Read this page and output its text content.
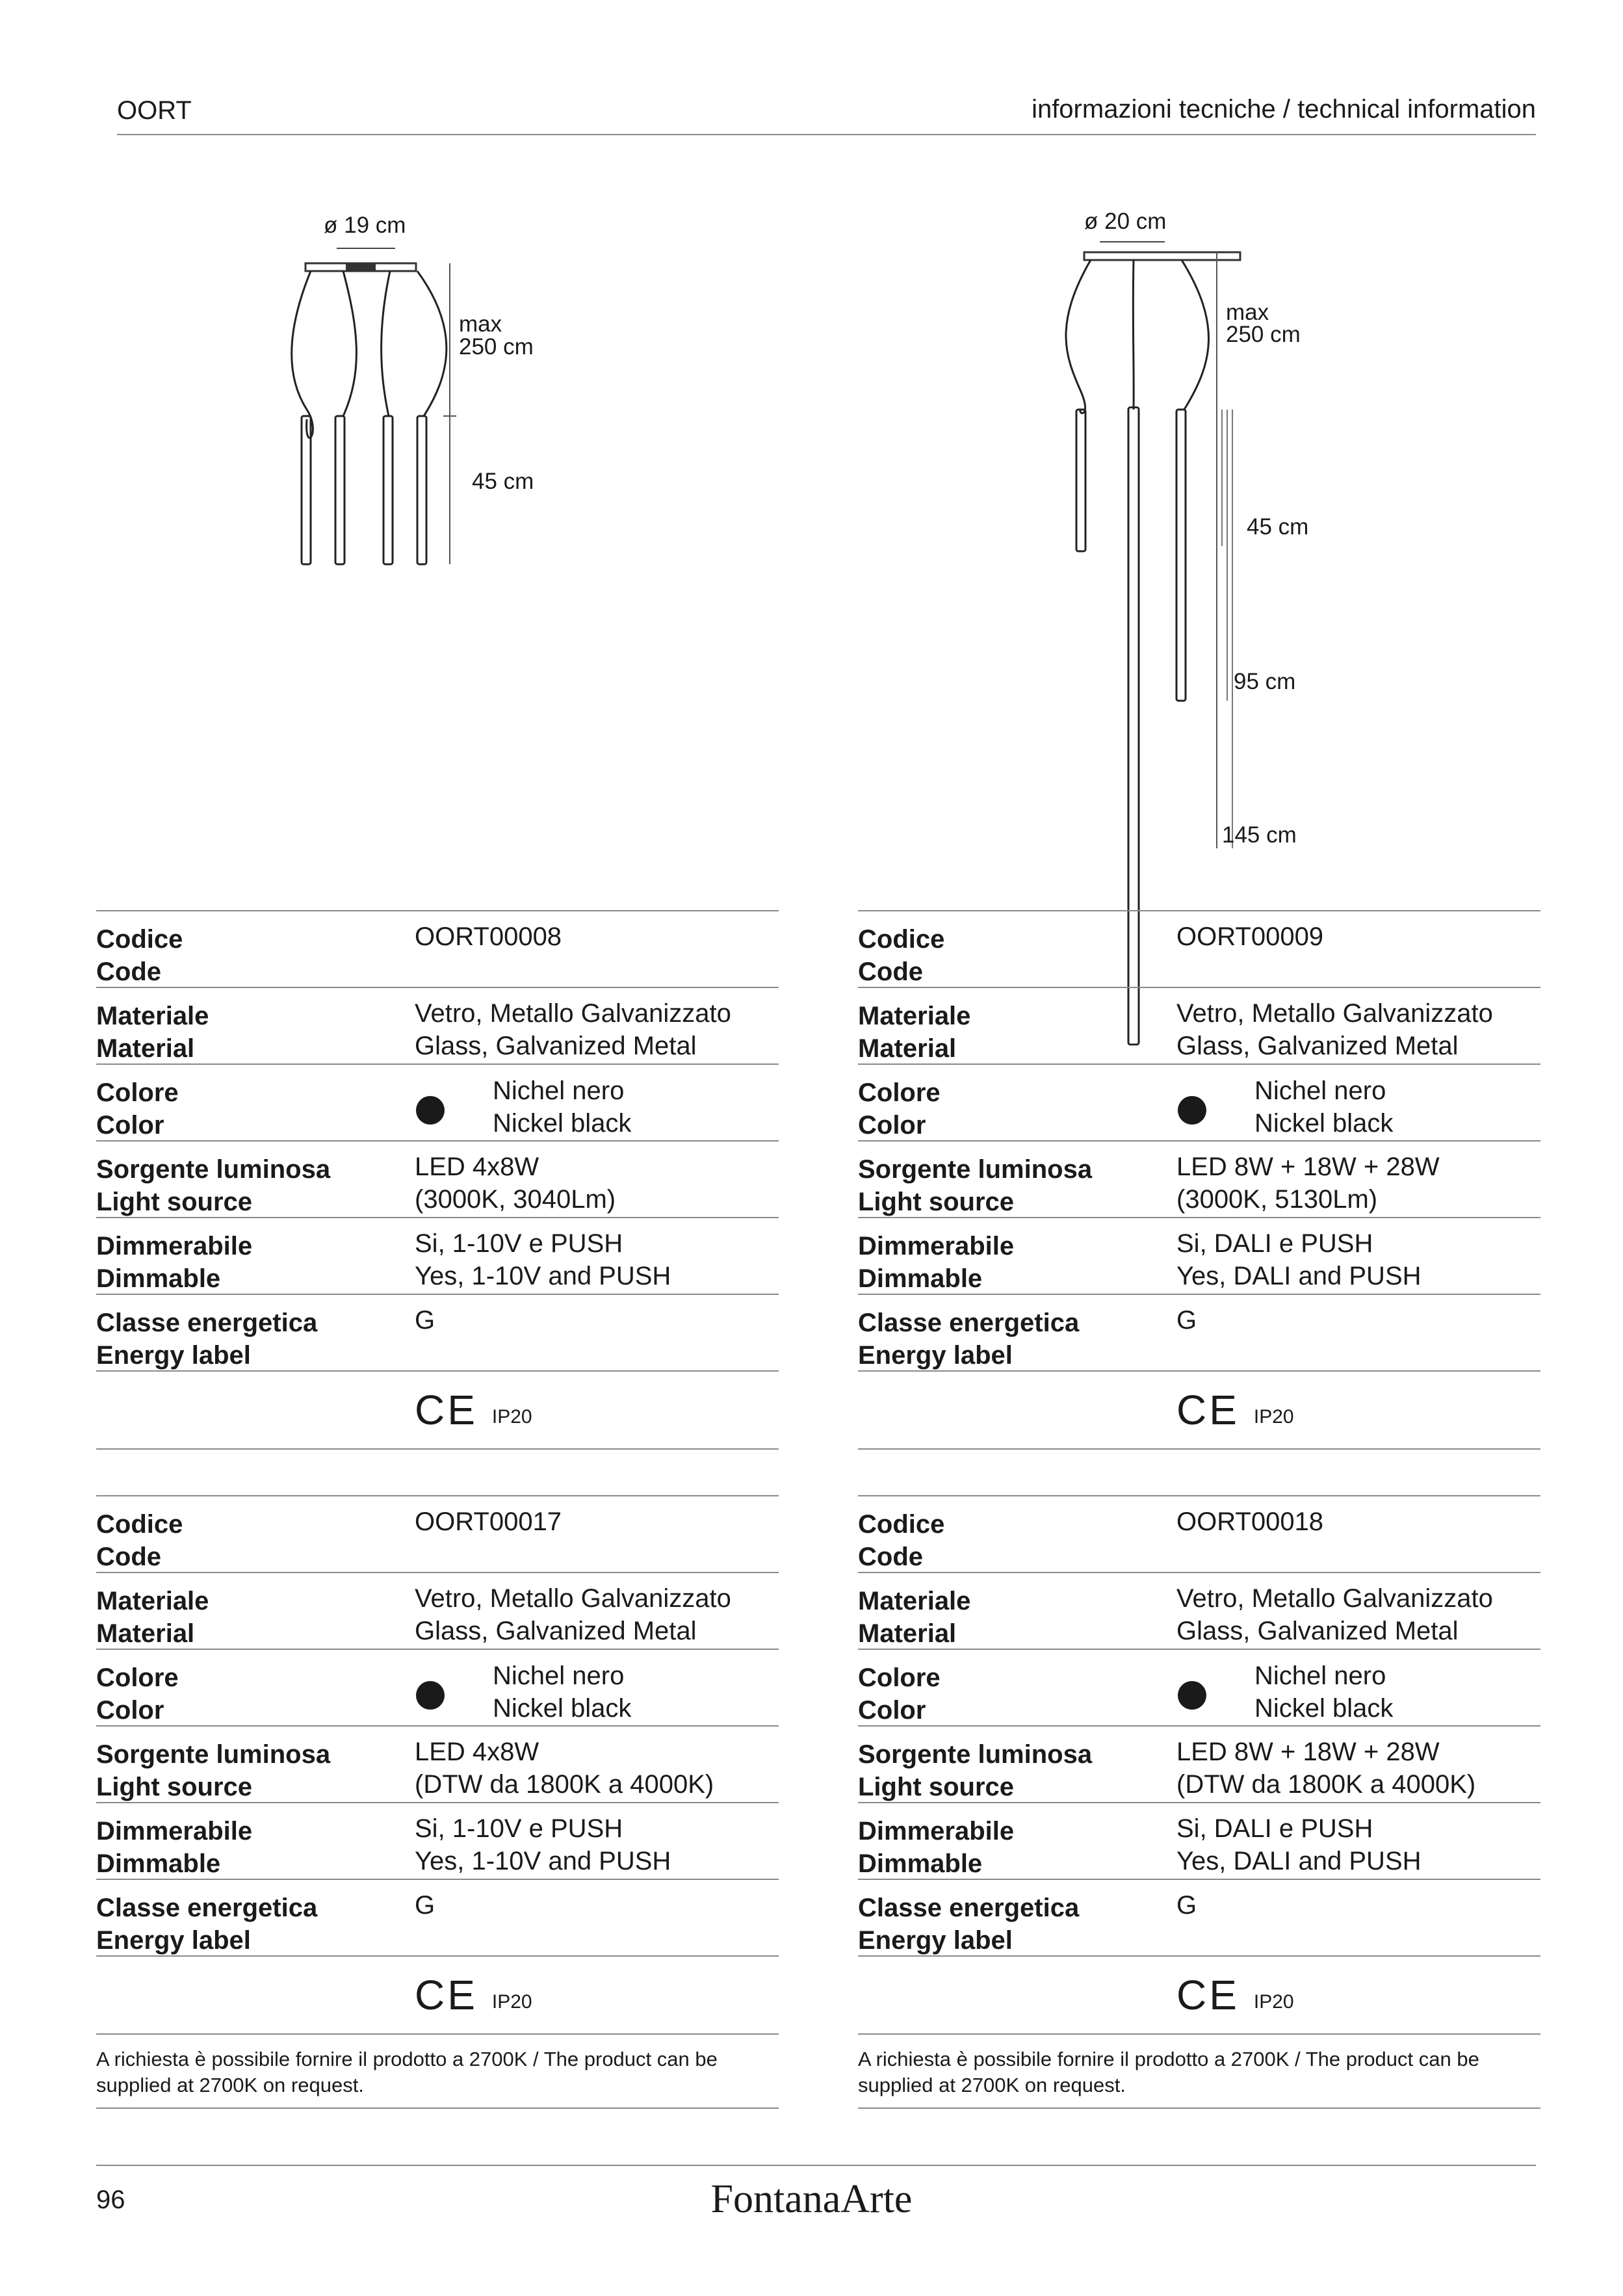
OORT	informazioni tecniche / technical information
ø 19 cm
max
250 cm
45 cm
ø 20 cm
max
250 cm
45 cm
95 cm
145 cm
Codice
Code
OORT00008
Materiale
Material
Vetro, Metallo Galvanizzato
Glass, Galvanized Metal
Colore
Color
Nichel nero
Nickel black
Sorgente luminosa
Light source
LED 4x8W
(3000K, 3040Lm)
Dimmerabile
Dimmable
Si, 1-10V e PUSH
Yes, 1-10V and PUSH
Classe energetica
Energy label
G
CE IP20
Codice
Code
OORT00009
Materiale
Material
Vetro, Metallo Galvanizzato
Glass, Galvanized Metal
Colore
Color
Nichel nero
Nickel black
Sorgente luminosa
Light source
LED 8W + 18W + 28W
(3000K, 5130Lm)
Dimmerabile
Dimmable
Si, DALI e PUSH
Yes, DALI and PUSH
Classe energetica
Energy label
G
CE IP20
Codice
Code
OORT00017
Materiale
Material
Vetro, Metallo Galvanizzato
Glass, Galvanized Metal
Colore
Color
Nichel nero
Nickel black
Sorgente luminosa
Light source
LED 4x8W
(DTW da 1800K a 4000K)
Dimmerabile
Dimmable
Si, 1-10V e PUSH
Yes, 1-10V and PUSH
Classe energetica
Energy label
G
CE IP20
A richiesta è possibile fornire il prodotto a 2700K / The product can be supplied at 2700K on request.
Codice
Code
OORT00018
Materiale
Material
Vetro, Metallo Galvanizzato
Glass, Galvanized Metal
Colore
Color
Nichel nero
Nickel black
Sorgente luminosa
Light source
LED 8W + 18W + 28W
(DTW da 1800K a 4000K)
Dimmerabile
Dimmable
Si, DALI e PUSH
Yes, DALI and PUSH
Classe energetica
Energy label
G
CE IP20
A richiesta è possibile fornire il prodotto a 2700K / The product can be supplied at 2700K on request.
96	FontanaArte
